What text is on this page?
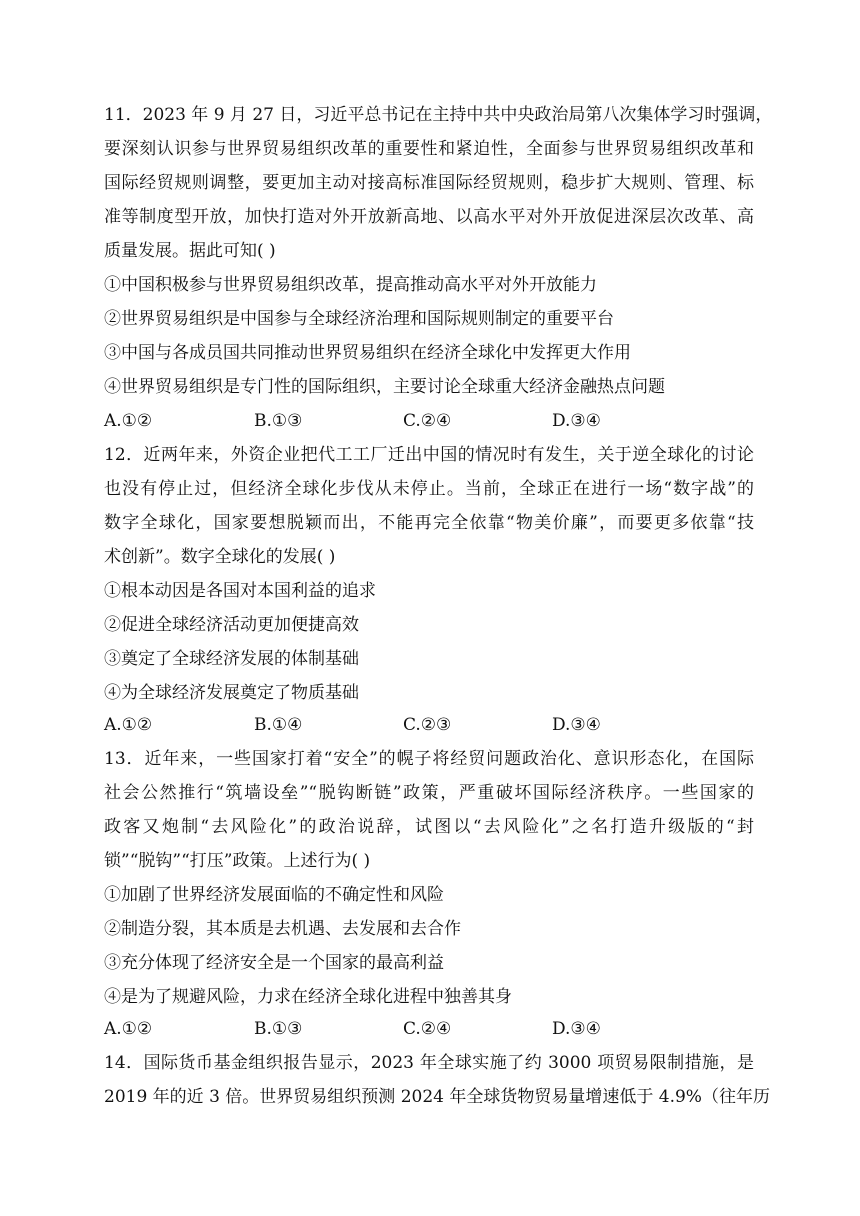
11．2023 年 9 月 27 日，习近平总书记在主持中共中央政治局第八次集体学习时强调，
要深刻认识参与世界贸易组织改革的重要性和紧迫性，全面参与世界贸易组织改革和
国际经贸规则调整，要更加主动对接高标准国际经贸规则，稳步扩大规则、管理、标
准等制度型开放，加快打造对外开放新高地、以高水平对外开放促进深层次改革、高
质量发展。据此可知( )
①中国积极参与世界贸易组织改革，提高推动高水平对外开放能力
②世界贸易组织是中国参与全球经济治理和国际规则制定的重要平台
③中国与各成员国共同推动世界贸易组织在经济全球化中发挥更大作用
④世界贸易组织是专门性的国际组织，主要讨论全球重大经济金融热点问题
A.①②	B.①③	C.②④	D.③④
12．近两年来，外资企业把代工工厂迁出中国的情况时有发生，关于逆全球化的讨论
也没有停止过，但经济全球化步伐从未停止。当前，全球正在进行一场“数字战”的
数字全球化，国家要想脱颖而出，不能再完全依靠“物美价廉”，而要更多依靠“技
术创新”。数字全球化的发展( )
①根本动因是各国对本国利益的追求
②促进全球经济活动更加便捷高效
③奠定了全球经济发展的体制基础
④为全球经济发展奠定了物质基础
A.①②	B.①④	C.②③	D.③④
13．近年来，一些国家打着“安全”的幌子将经贸问题政治化、意识形态化，在国际
社会公然推行“筑墙设垒”“脱钩断链”政策，严重破坏国际经济秩序。一些国家的
政客又炮制“去风险化”的政治说辞，试图以“去风险化”之名打造升级版的“封
锁”“脱钩”“打压”政策。上述行为( )
①加剧了世界经济发展面临的不确定性和风险
②制造分裂，其本质是去机遇、去发展和去合作
③充分体现了经济安全是一个国家的最高利益
④是为了规避风险，力求在经济全球化进程中独善其身
A.①②	B.①③	C.②④	D.③④
14．国际货币基金组织报告显示，2023 年全球实施了约 3000 项贸易限制措施，是
2019 年的近 3 倍。世界贸易组织预测 2024 年全球货物贸易量增速低于 4.9%（往年历
